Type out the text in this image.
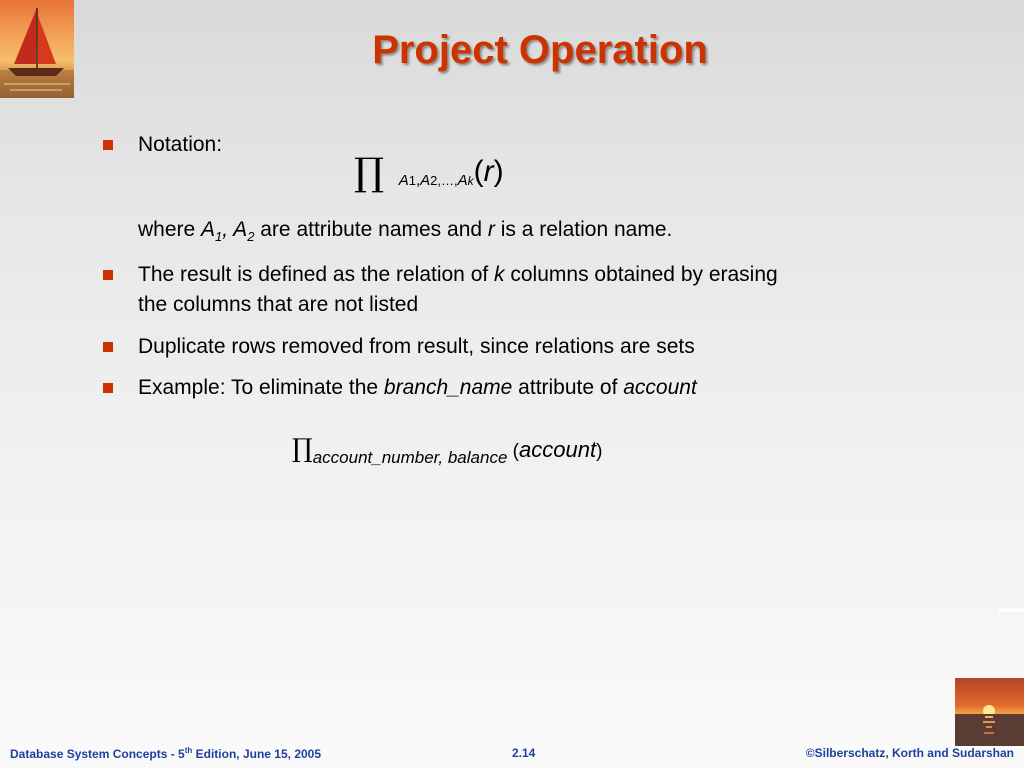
Project Operation
Notation:
∏ A1,A2,…,Ak(r)
where $A_1$, $A_2$ are attribute names and r is a relation name.
The result is defined as the relation of k columns obtained by erasing
the columns that are not listed
Duplicate rows removed from result, since relations are sets
Example: To eliminate the branch_name attribute of account
∏account_number, balance (account)
Database System Concepts - 5th Edition, June 15, 2005	2.14	©Silberschatz, Korth and Sudarshan
